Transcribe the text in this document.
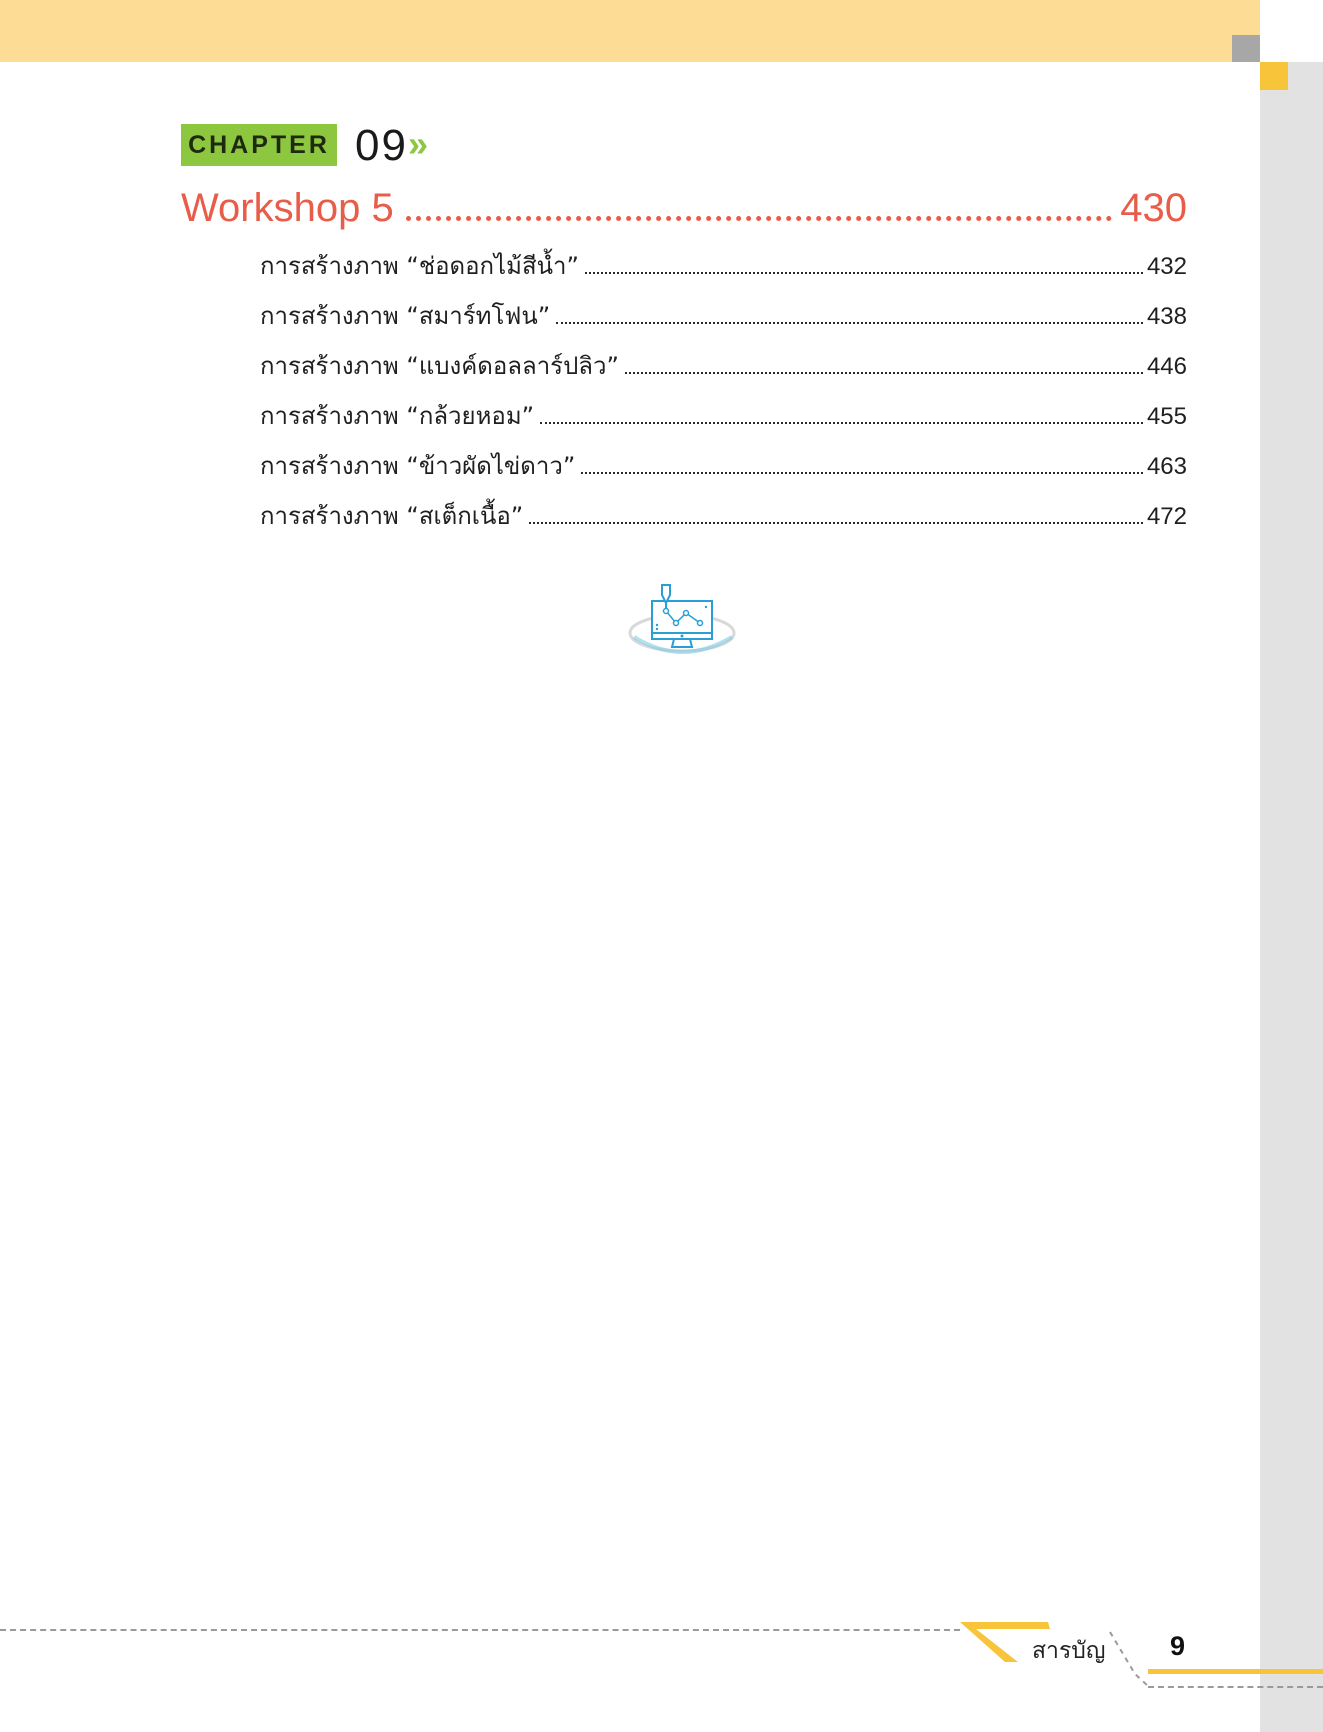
CHAPTER 09»
Workshop 5	430
การสร้างภาพ “ช่อดอกไม้สีน้ำ”	432
การสร้างภาพ “สมาร์ทโฟน”	438
การสร้างภาพ “แบงค์ดอลลาร์ปลิว”	446
การสร้างภาพ “กล้วยหอม”	455
การสร้างภาพ “ข้าวผัดไข่ดาว”	463
การสร้างภาพ “สเต็กเนื้อ”	472
สารบัญ 9
